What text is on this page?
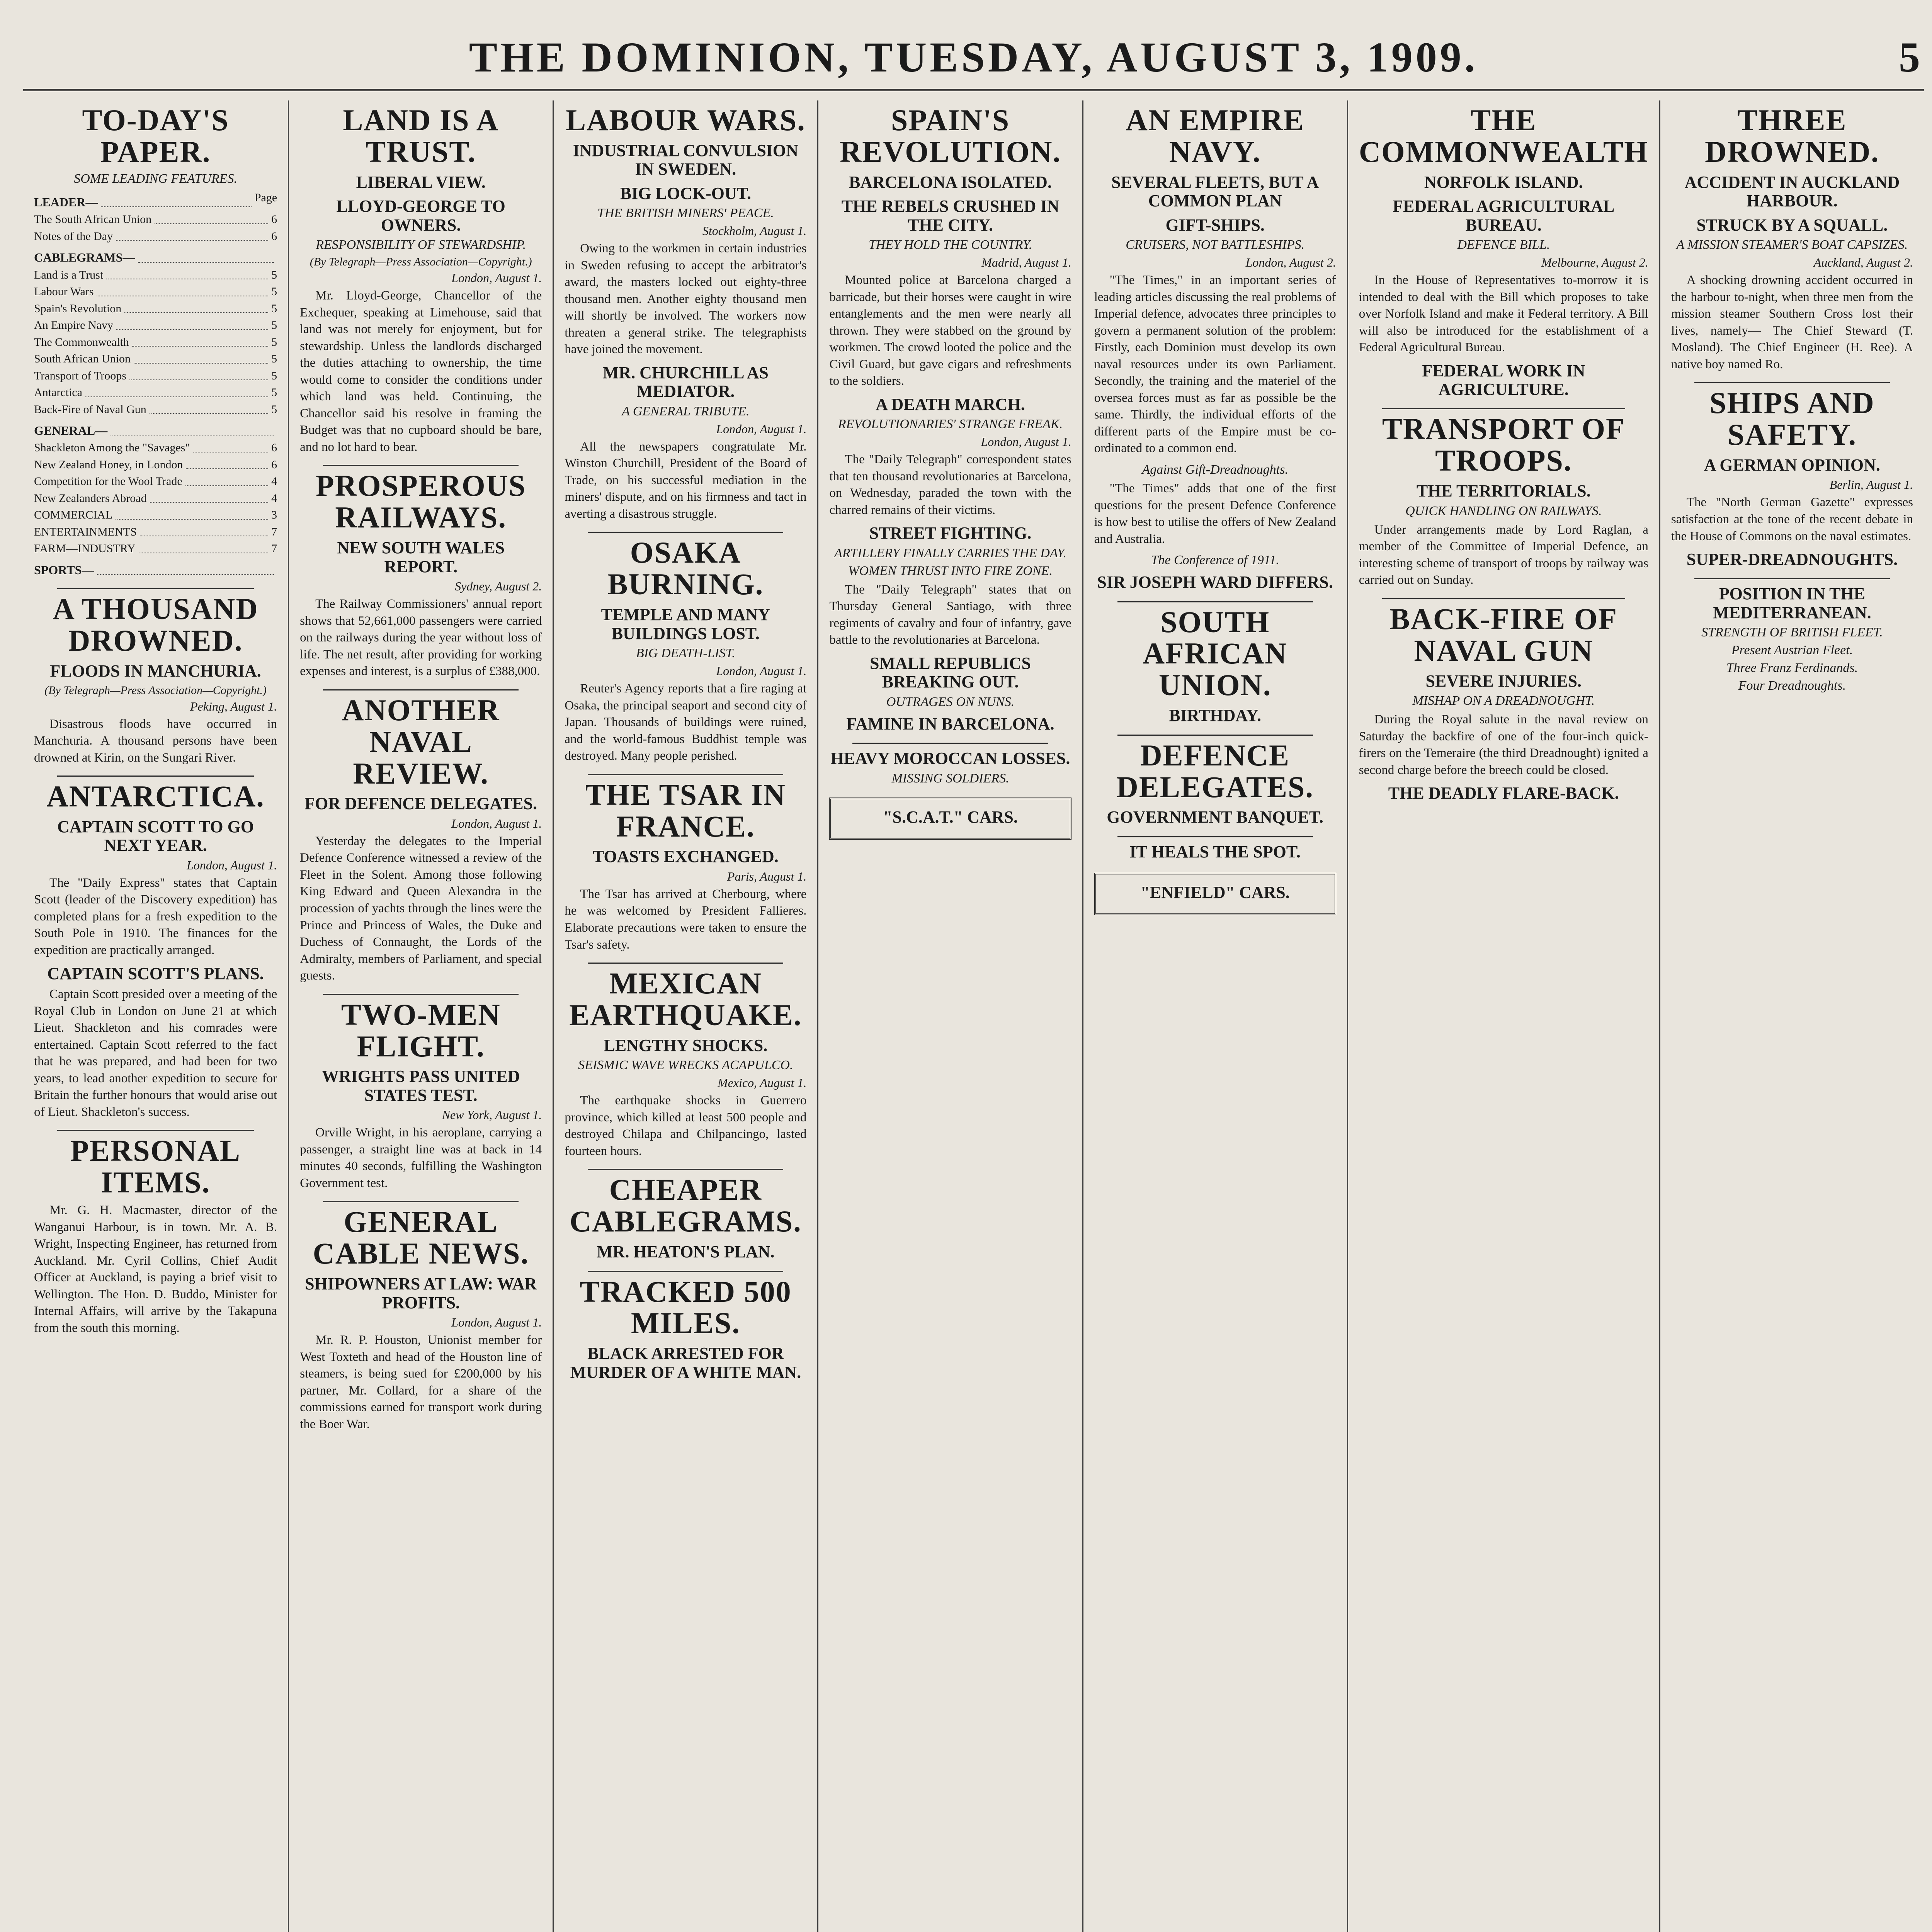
THE DOMINION, TUESDAY, AUGUST 3, 1909.	5
TO-DAY'S PAPER.
SOME LEADING FEATURES.
LEADER—	Page
The South African Union	6
Notes of the Day	6
CABLEGRAMS—
Land is a Trust	5
Labour Wars	5
Spain's Revolution	5
An Empire Navy	5
The Commonwealth	5
South African Union	5
Transport of Troops	5
Antarctica	5
Back-Fire of Naval Gun	5
GENERAL—
Shackleton Among the "Savages"	6
New Zealand Honey, in London	6
Competition for the Wool Trade	4
New Zealanders Abroad	4
COMMERCIAL	3
ENTERTAINMENTS	7
FARM—INDUSTRY	7
SPORTS—
A THOUSAND DROWNED.
FLOODS IN MANCHURIA.
(By Telegraph—Press Association—Copyright.)
Peking, August 1.

Disastrous floods have occurred in Manchuria. A thousand persons have been drowned at Kirin, on the Sungari River.

ANTARCTICA.
CAPTAIN SCOTT TO GO NEXT YEAR.
London, August 1.

The "Daily Express" states that Captain Scott (leader of the Discovery expedition) has completed plans for a fresh expedition to the South Pole in 1910. The finances for the expedition are practically arranged.

CAPTAIN SCOTT'S PLANS.

Captain Scott presided over a meeting of the Royal Club in London on June 21 at which Lieut. Shackleton and his comrades were entertained. Captain Scott referred to the fact that he was prepared, and had been for two years, to lead another expedition to secure for Britain the further honours that would arise out of Lieut. Shackleton's success.

PERSONAL ITEMS.

Mr. G. H. Macmaster, director of the Wanganui Harbour, is in town. Mr. A. B. Wright, Inspecting Engineer, has returned from Auckland. Mr. Cyril Collins, Chief Audit Officer at Auckland, is paying a brief visit to Wellington. The Hon. D. Buddo, Minister for Internal Affairs, will arrive by the Takapuna from the south this morning.

LAND IS A TRUST.
LIBERAL VIEW.
LLOYD-GEORGE TO OWNERS.
RESPONSIBILITY OF STEWARDSHIP.
(By Telegraph—Press Association—Copyright.)
London, August 1.

Mr. Lloyd-George, Chancellor of the Exchequer, speaking at Limehouse, said that land was not merely for enjoyment, but for stewardship. Unless the landlords discharged the duties attaching to ownership, the time would come to consider the conditions under which land was held. Continuing, the Chancellor said his resolve in framing the Budget was that no cupboard should be bare, and no lot hard to bear.

PROSPEROUS RAILWAYS.
NEW SOUTH WALES REPORT.
Sydney, August 2.

The Railway Commissioners' annual report shows that 52,661,000 passengers were carried on the railways during the year without loss of life. The net result, after providing for working expenses and interest, is a surplus of £388,000.

ANOTHER NAVAL REVIEW.
FOR DEFENCE DELEGATES.
London, August 1.

Yesterday the delegates to the Imperial Defence Conference witnessed a review of the Fleet in the Solent. Among those following King Edward and Queen Alexandra in the procession of yachts through the lines were the Prince and Princess of Wales, the Duke and Duchess of Connaught, the Lords of the Admiralty, members of Parliament, and special guests.

TWO-MEN FLIGHT.
WRIGHTS PASS UNITED STATES TEST.
New York, August 1.

Orville Wright, in his aeroplane, carrying a passenger, a straight line was at back in 14 minutes 40 seconds, fulfilling the Washington Government test.

GENERAL CABLE NEWS.
SHIPOWNERS AT LAW: WAR PROFITS.
London, August 1.

Mr. R. P. Houston, Unionist member for West Toxteth and head of the Houston line of steamers, is being sued for £200,000 by his partner, Mr. Collard, for a share of the commissions earned for transport work during the Boer War.

LABOUR WARS.
INDUSTRIAL CONVULSION IN SWEDEN.
BIG LOCK-OUT.
THE BRITISH MINERS' PEACE.
Stockholm, August 1.

Owing to the workmen in certain industries in Sweden refusing to accept the arbitrator's award, the masters locked out eighty-three thousand men. Another eighty thousand men will shortly be involved. The workers now threaten a general strike. The telegraphists have joined the movement.

MR. CHURCHILL AS MEDIATOR.
A GENERAL TRIBUTE.
London, August 1.

All the newspapers congratulate Mr. Winston Churchill, President of the Board of Trade, on his successful mediation in the miners' dispute, and on his firmness and tact in averting a disastrous struggle.

OSAKA BURNING.
TEMPLE AND MANY BUILDINGS LOST.
BIG DEATH-LIST.
London, August 1.

Reuter's Agency reports that a fire raging at Osaka, the principal seaport and second city of Japan. Thousands of buildings were ruined, and the world-famous Buddhist temple was destroyed. Many people perished.

THE TSAR IN FRANCE.
TOASTS EXCHANGED.
Paris, August 1.

The Tsar has arrived at Cherbourg, where he was welcomed by President Fallieres. Elaborate precautions were taken to ensure the Tsar's safety.

MEXICAN EARTHQUAKE.
LENGTHY SHOCKS.
SEISMIC WAVE WRECKS ACAPULCO.
Mexico, August 1.

The earthquake shocks in Guerrero province, which killed at least 500 people and destroyed Chilapa and Chilpancingo, lasted fourteen hours.

CHEAPER CABLEGRAMS.
MR. HEATON'S PLAN.
TRACKED 500 MILES.
BLACK ARRESTED FOR MURDER OF A WHITE MAN.
SPAIN'S REVOLUTION.
BARCELONA ISOLATED.
THE REBELS CRUSHED IN THE CITY.
THEY HOLD THE COUNTRY.
Madrid, August 1.

Mounted police at Barcelona charged a barricade, but their horses were caught in wire entanglements and the men were nearly all thrown. They were stabbed on the ground by workmen. The crowd looted the police and the Civil Guard, but gave cigars and refreshments to the soldiers.

A DEATH MARCH.
REVOLUTIONARIES' STRANGE FREAK.
London, August 1.

The "Daily Telegraph" correspondent states that ten thousand revolutionaries at Barcelona, on Wednesday, paraded the town with the charred remains of their victims.

STREET FIGHTING.
ARTILLERY FINALLY CARRIES THE DAY.
WOMEN THRUST INTO FIRE ZONE.

The "Daily Telegraph" states that on Thursday General Santiago, with three regiments of cavalry and four of infantry, gave battle to the revolutionaries at Barcelona.

SMALL REPUBLICS BREAKING OUT.
OUTRAGES ON NUNS.
FAMINE IN BARCELONA.
HEAVY MOROCCAN LOSSES.
MISSING SOLDIERS.
"S.C.A.T." CARS.
AN EMPIRE NAVY.
SEVERAL FLEETS, BUT A COMMON PLAN
GIFT-SHIPS.
CRUISERS, NOT BATTLESHIPS.
London, August 2.

"The Times," in an important series of leading articles discussing the real problems of Imperial defence, advocates three principles to govern a permanent solution of the problem: Firstly, each Dominion must develop its own naval resources under its own Parliament. Secondly, the training and the materiel of the oversea forces must as far as possible be the same. Thirdly, the individual efforts of the different parts of the Empire must be co-ordinated to a common end.

Against Gift-Dreadnoughts.

"The Times" adds that one of the first questions for the present Defence Conference is how best to utilise the offers of New Zealand and Australia.

The Conference of 1911.
SIR JOSEPH WARD DIFFERS.
SOUTH AFRICAN UNION.
BIRTHDAY.
DEFENCE DELEGATES.
GOVERNMENT BANQUET.
IT HEALS THE SPOT.
"ENFIELD" CARS.
THE COMMONWEALTH
NORFOLK ISLAND.
FEDERAL AGRICULTURAL BUREAU.
DEFENCE BILL.
Melbourne, August 2.

In the House of Representatives to-morrow it is intended to deal with the Bill which proposes to take over Norfolk Island and make it Federal territory. A Bill will also be introduced for the establishment of a Federal Agricultural Bureau.

FEDERAL WORK IN AGRICULTURE.
TRANSPORT OF TROOPS.
THE TERRITORIALS.
QUICK HANDLING ON RAILWAYS.

Under arrangements made by Lord Raglan, a member of the Committee of Imperial Defence, an interesting scheme of transport of troops by railway was carried out on Sunday.

BACK-FIRE OF NAVAL GUN
SEVERE INJURIES.
MISHAP ON A DREADNOUGHT.

During the Royal salute in the naval review on Saturday the backfire of one of the four-inch quick-firers on the Temeraire (the third Dreadnought) ignited a second charge before the breech could be closed.

THE DEADLY FLARE-BACK.
THREE DROWNED.
ACCIDENT IN AUCKLAND HARBOUR.
STRUCK BY A SQUALL.
A MISSION STEAMER'S BOAT CAPSIZES.
Auckland, August 2.

A shocking drowning accident occurred in the harbour to-night, when three men from the mission steamer Southern Cross lost their lives, namely— The Chief Steward (T. Mosland). The Chief Engineer (H. Ree). A native boy named Ro.

SHIPS AND SAFETY.
A GERMAN OPINION.
Berlin, August 1.

The "North German Gazette" expresses satisfaction at the tone of the recent debate in the House of Commons on the naval estimates.

SUPER-DREADNOUGHTS.
POSITION IN THE MEDITERRANEAN.
STRENGTH OF BRITISH FLEET.
Present Austrian Fleet.
Three Franz Ferdinands.
Four Dreadnoughts.
